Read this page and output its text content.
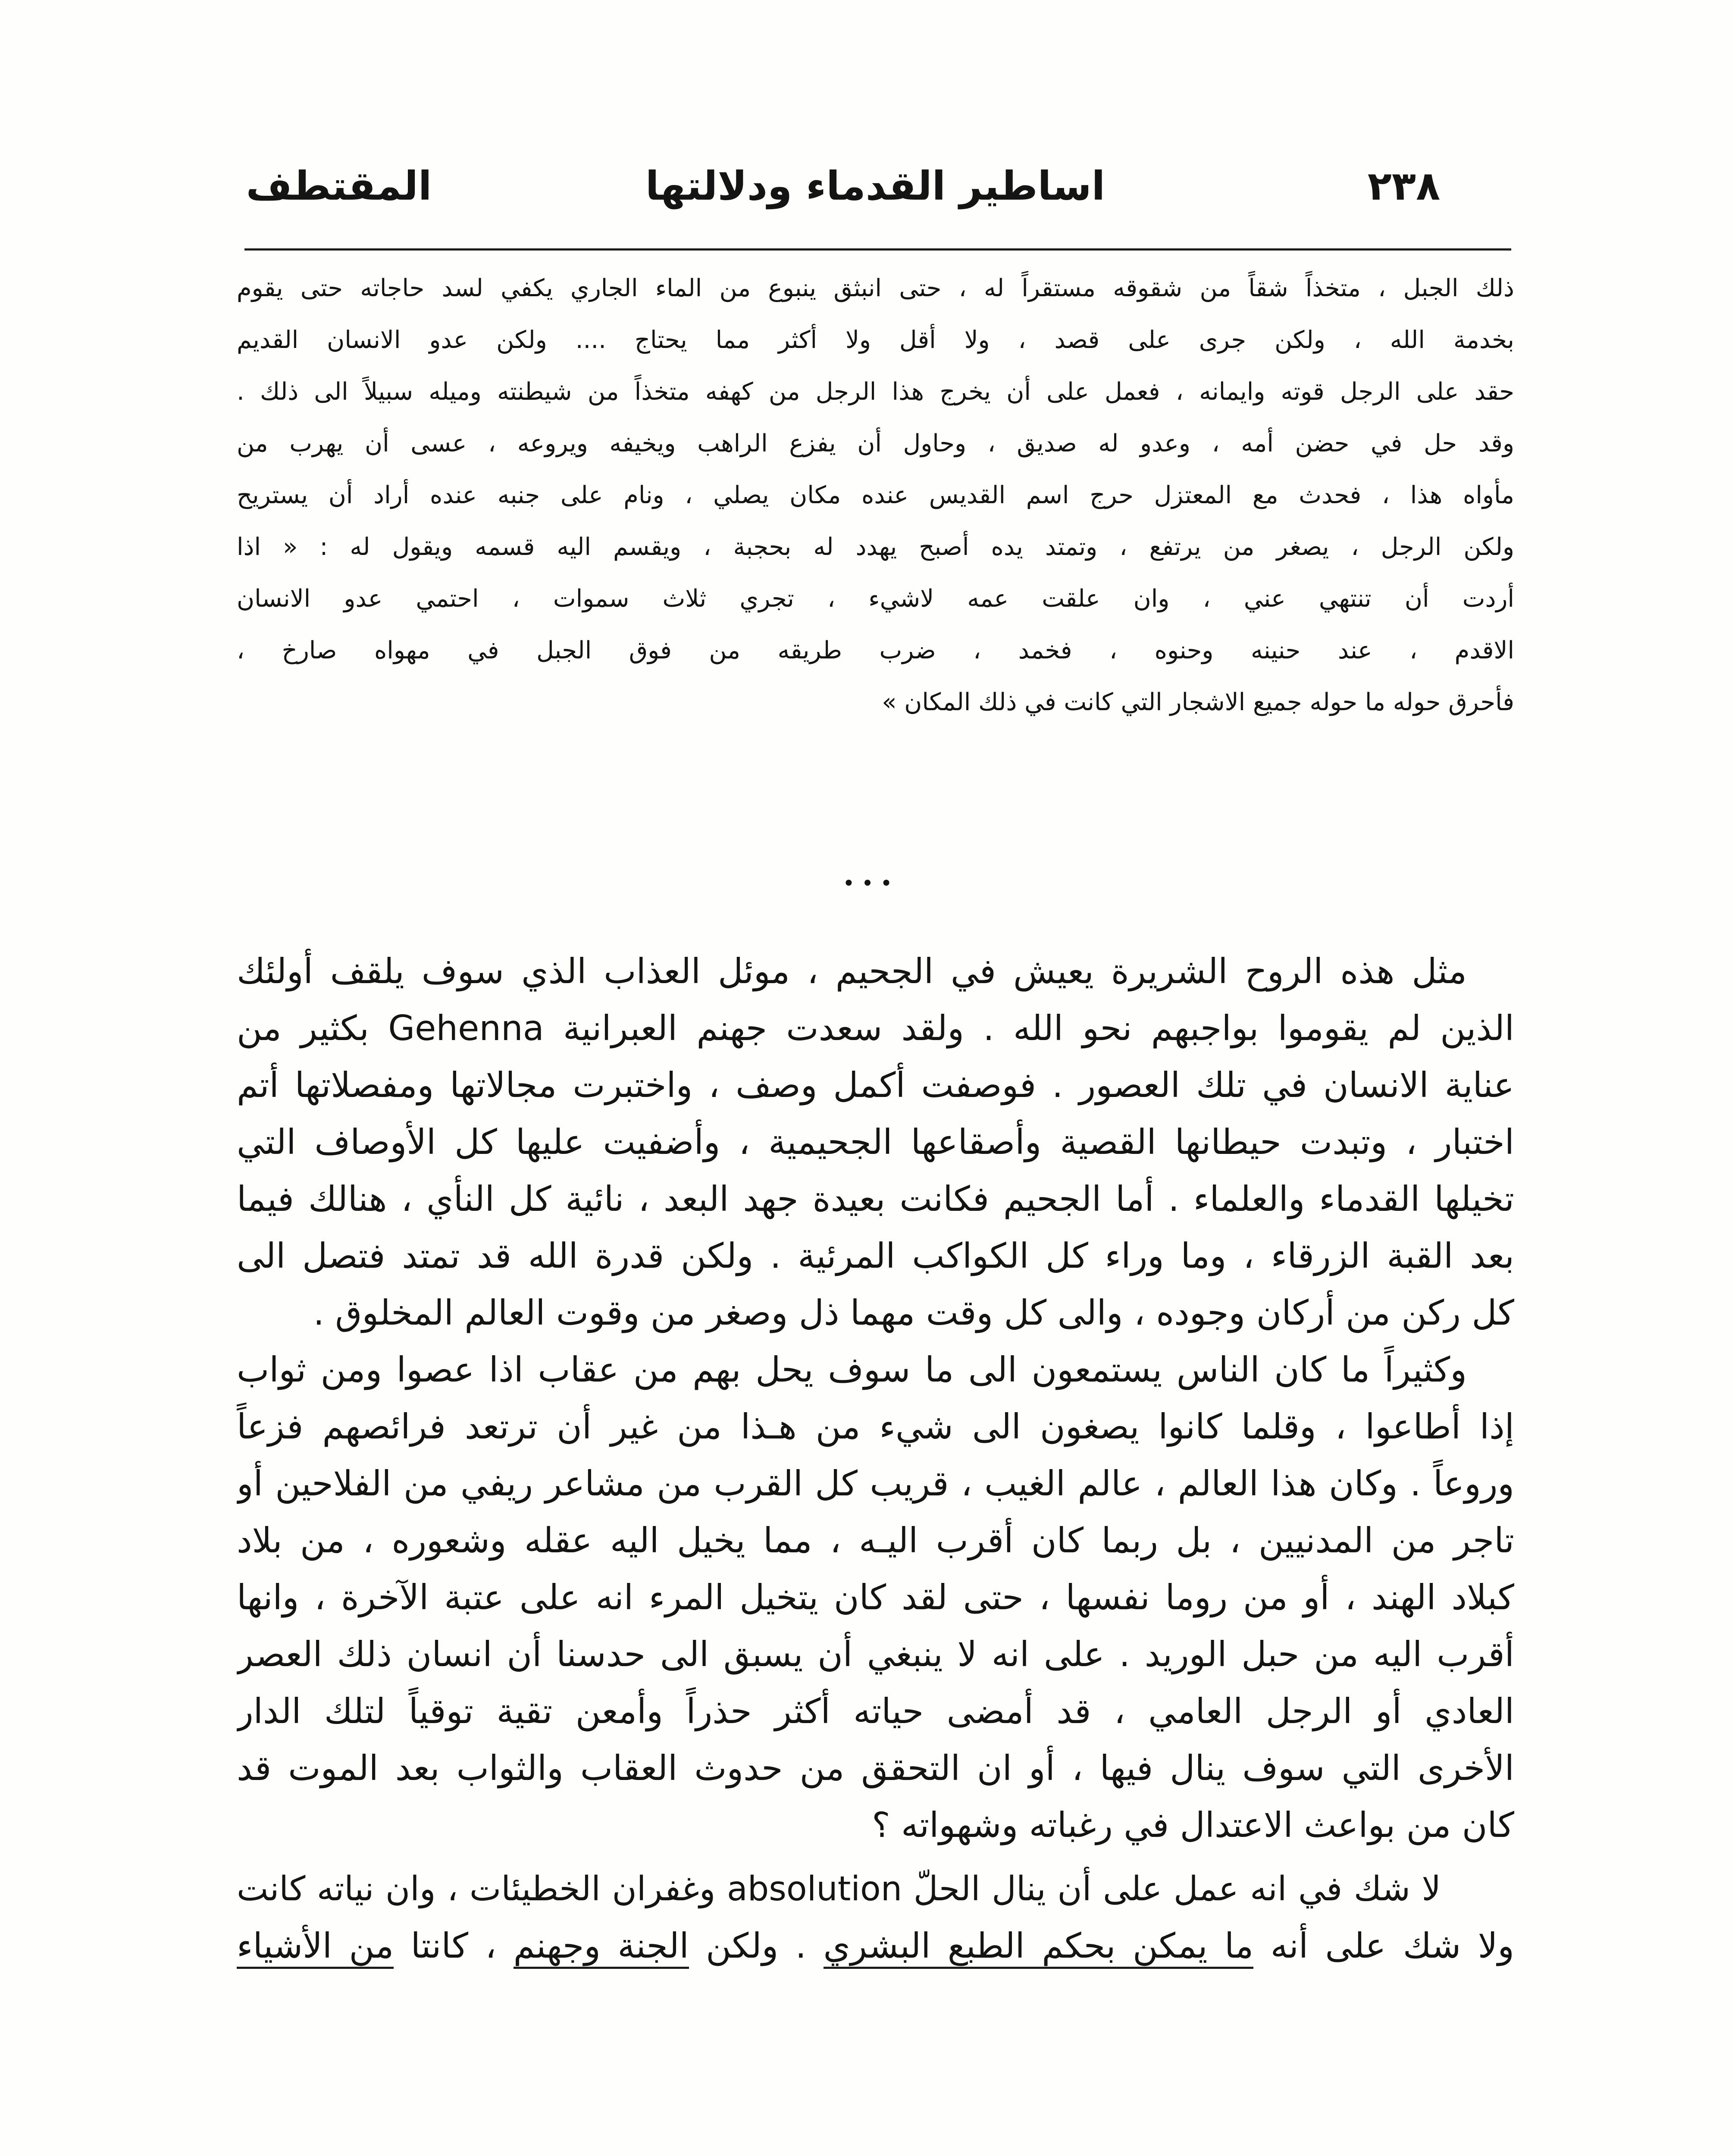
٢٣٨
اساطير القدماء ودلالتها
المقتطف
ذلك الجبل ، متخذاً شقاً من شقوقه مستقراً له ، حتى انبثق ينبوع من الماء الجاري يكفي لسد حاجاته حتى يقوم
بخدمة الله ، ولكن جرى على قصد ، ولا أقل ولا أكثر مما يحتاج .... ولكن عدو الانسان القديم
حقد على الرجل قوته وايمانه ، فعمل على أن يخرج هذا الرجل من كهفه متخذاً من شيطنته وميله سبيلاً الى ذلك .
وقد حل في حضن أمه ، وعدو له صديق ، وحاول أن يفزع الراهب ويخيفه ويروعه ، عسى أن يهرب من
مأواه هذا ، فحدث مع المعتزل حرج اسم القديس عنده مكان يصلي ، ونام على جنبه عنده أراد أن يستريح
ولكن الرجل ، يصغر من يرتفع ، وتمتد يده أصبح يهدد له بحجبة ، ويقسم اليه قسمه ويقول له : « اذا
أردت أن تنتهي عني ، وان علقت عمه لاشيء ، تجري ثلاث سموات ، احتمي عدو الانسان
الاقدم ، عند حنينه وحنوه ، فخمد ، ضرب طريقه من فوق الجبل في مهواه صارخ ،
فأحرق حوله ما حوله جميع الاشجار التي كانت في ذلك المكان »
• • •
مثل هذه الروح الشريرة يعيش في الجحيم ، موئل العذاب الذي سوف يلقف أولئك
الذين لم يقوموا بواجبهم نحو الله . ولقد سعدت جهنم العبرانية Gehenna بكثير من
عناية الانسان في تلك العصور . فوصفت أكمل وصف ، واختبرت مجالاتها ومفصلاتها أتم
اختبار ، وتبدت حيطانها القصية وأصقاعها الجحيمية ، وأضفيت عليها كل الأوصاف التي
تخيلها القدماء والعلماء . أما الجحيم فكانت بعيدة جهد البعد ، نائية كل النأي ، هنالك فيما
بعد القبة الزرقاء ، وما وراء كل الكواكب المرئية . ولكن قدرة الله قد تمتد فتصل الى
كل ركن من أركان وجوده ، والى كل وقت مهما ذل وصغر من وقوت العالم المخلوق .
وكثيراً ما كان الناس يستمعون الى ما سوف يحل بهم من عقاب اذا عصوا ومن ثواب
إذا أطاعوا ، وقلما كانوا يصغون الى شيء من هـذا من غير أن ترتعد فرائصهم فزعاً
وروعاً . وكان هذا العالم ، عالم الغيب ، قريب كل القرب من مشاعر ريفي من الفلاحين أو
تاجر من المدنيين ، بل ربما كان أقرب اليـه ، مما يخيل اليه عقله وشعوره ، من بلاد
كبلاد الهند ، أو من روما نفسها ، حتى لقد كان يتخيل المرء انه على عتبة الآخرة ، وانها
أقرب اليه من حبل الوريد . على انه لا ينبغي أن يسبق الى حدسنا أن انسان ذلك العصر
العادي أو الرجل العامي ، قد أمضى حياته أكثر حذراً وأمعن تقية توقياً لتلك الدار
الأخرى التي سوف ينال فيها ، أو ان التحقق من حدوث العقاب والثواب بعد الموت قد
كان من بواعث الاعتدال في رغباته وشهواته ؟
لا شك في انه عمل على أن ينال الحلّ absolution وغفران الخطيئات ، وان نياته كانت
ولا شك على أنه ما يمكن بحكم الطبع البشري . ولكن الجنة وجهنم ، كانتا من الأشياء
